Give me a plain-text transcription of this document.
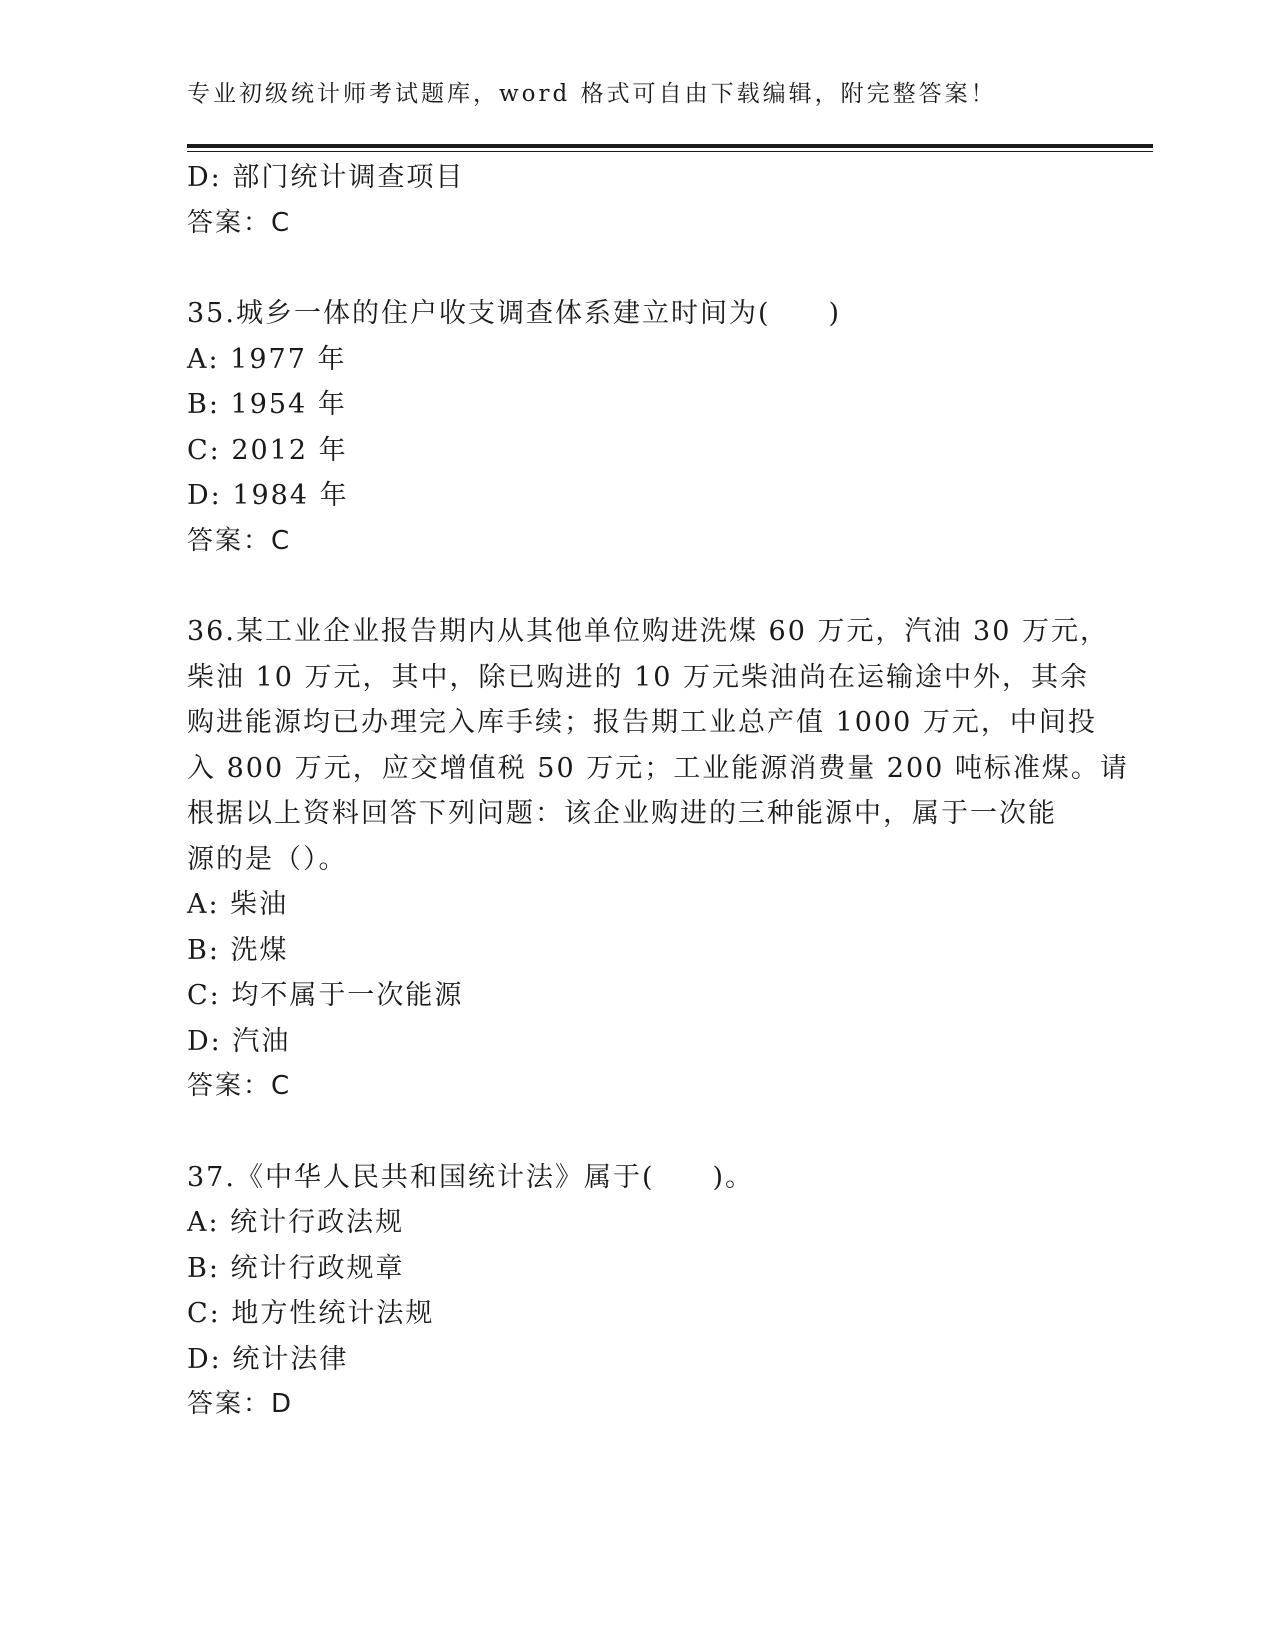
专业初级统计师考试题库，word 格式可自由下载编辑，附完整答案！
D: 部门统计调查项目
答案：C
35.城乡一体的住户收支调查体系建立时间为(　　)
A: 1977 年
B: 1954 年
C: 2012 年
D: 1984 年
答案：C
36.某工业企业报告期内从其他单位购进洗煤 60 万元，汽油 30 万元，
柴油 10 万元，其中，除已购进的 10 万元柴油尚在运输途中外，其余
购进能源均已办理完入库手续；报告期工业总产值 1000 万元，中间投
入 800 万元，应交增值税 50 万元；工业能源消费量 200 吨标准煤。请
根据以上资料回答下列问题：该企业购进的三种能源中，属于一次能
源的是（）。
A: 柴油
B: 洗煤
C: 均不属于一次能源
D: 汽油
答案：C
37.《中华人民共和国统计法》属于(　　)。
A: 统计行政法规
B: 统计行政规章
C: 地方性统计法规
D: 统计法律
答案：D
